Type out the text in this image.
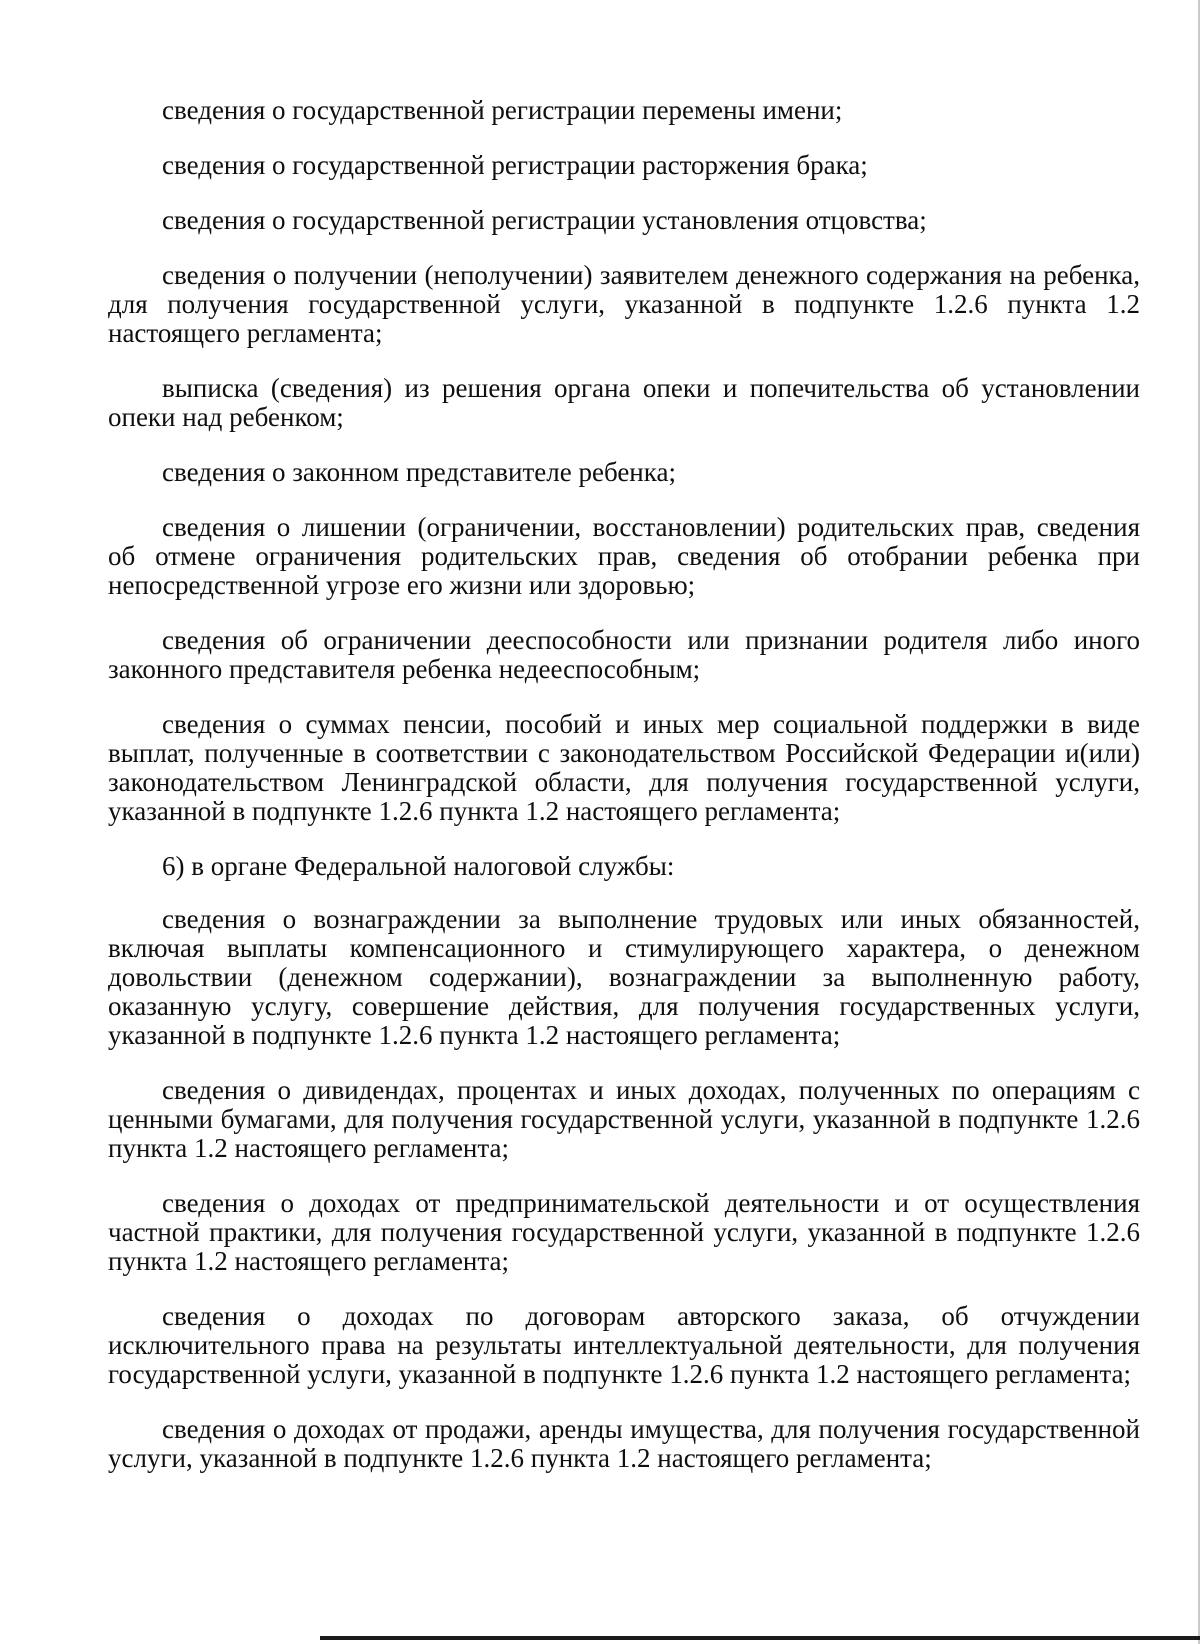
сведения о государственной регистрации перемены имени;

сведения о государственной регистрации расторжения брака;

сведения о государственной регистрации установления отцовства;

сведения о получении (неполучении) заявителем денежного содержания на ребенка, для получения государственной услуги, указанной в подпункте 1.2.6 пункта 1.2 настоящего регламента;

выписка (сведения) из решения органа опеки и попечительства об установлении опеки над ребенком;

сведения о законном представителе ребенка;

сведения о лишении (ограничении, восстановлении) родительских прав, сведения об отмене ограничения родительских прав, сведения об отобрании ребенка при непосредственной угрозе его жизни или здоровью;

сведения об ограничении дееспособности или признании родителя либо иного законного представителя ребенка недееспособным;

сведения о суммах пенсии, пособий и иных мер социальной поддержки в виде выплат, полученные в соответствии с законодательством Российской Федерации и(или) законодательством Ленинградской области, для получения государственной услуги, указанной в подпункте 1.2.6 пункта 1.2 настоящего регламента;

6) в органе Федеральной налоговой службы:

сведения о вознаграждении за выполнение трудовых или иных обязанностей, включая выплаты компенсационного и стимулирующего характера, о денежном довольствии (денежном содержании), вознаграждении за выполненную работу, оказанную услугу, совершение действия, для получения государственных услуги, указанной в подпункте 1.2.6 пункта 1.2 настоящего регламента;

сведения о дивидендах, процентах и иных доходах, полученных по операциям с ценными бумагами, для получения государственной услуги, указанной в подпункте 1.2.6 пункта 1.2 настоящего регламента;

сведения о доходах от предпринимательской деятельности и от осуществления частной практики, для получения государственной услуги, указанной в подпункте 1.2.6 пункта 1.2 настоящего регламента;

сведения о доходах по договорам авторского заказа, об отчуждении исключительного права на результаты интеллектуальной деятельности, для получения государственной услуги, указанной в подпункте 1.2.6 пункта 1.2 настоящего регламента;

сведения о доходах от продажи, аренды имущества, для получения государственной услуги, указанной в подпункте 1.2.6 пункта 1.2 настоящего регламента;
